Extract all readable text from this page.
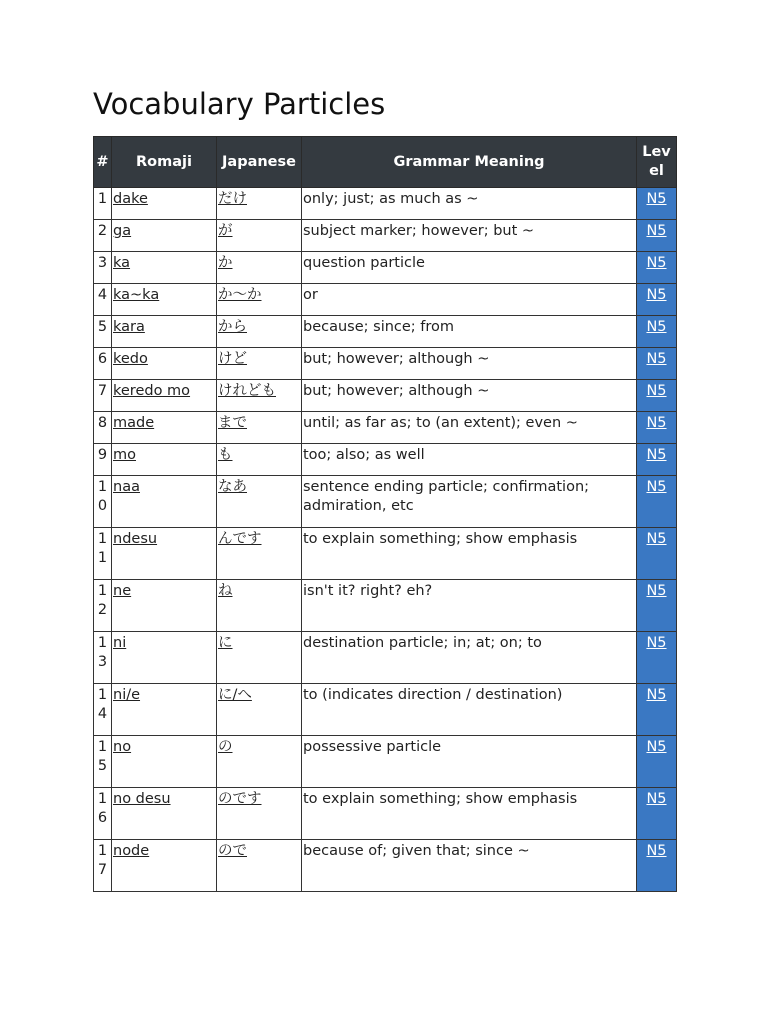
Vocabulary Particles
#	Romaji	Japanese	Grammar Meaning	Lev el
1	dake	だけ	only; just; as much as ~	N5
2	ga	が	subject marker; however; but ~	N5
3	ka	か	question particle	N5
4	ka~ka	か～か	or	N5
5	kara	から	because; since; from	N5
6	kedo	けど	but; however; although ~	N5
7	keredo mo	けれども	but; however; although ~	N5
8	made	まで	until; as far as; to (an extent); even ~	N5
9	mo	も	too; also; as well	N5
10	naa	なあ	sentence ending particle; confirmation; admiration, etc	N5
11	ndesu	んです	to explain something; show emphasis	N5
12	ne	ね	isn't it? right? eh?	N5
13	ni	に	destination particle; in; at; on; to	N5
14	ni/e	に/へ	to (indicates direction / destination)	N5
15	no	の	possessive particle	N5
16	no desu	のです	to explain something; show emphasis	N5
17	node	ので	because of; given that; since ~	N5
